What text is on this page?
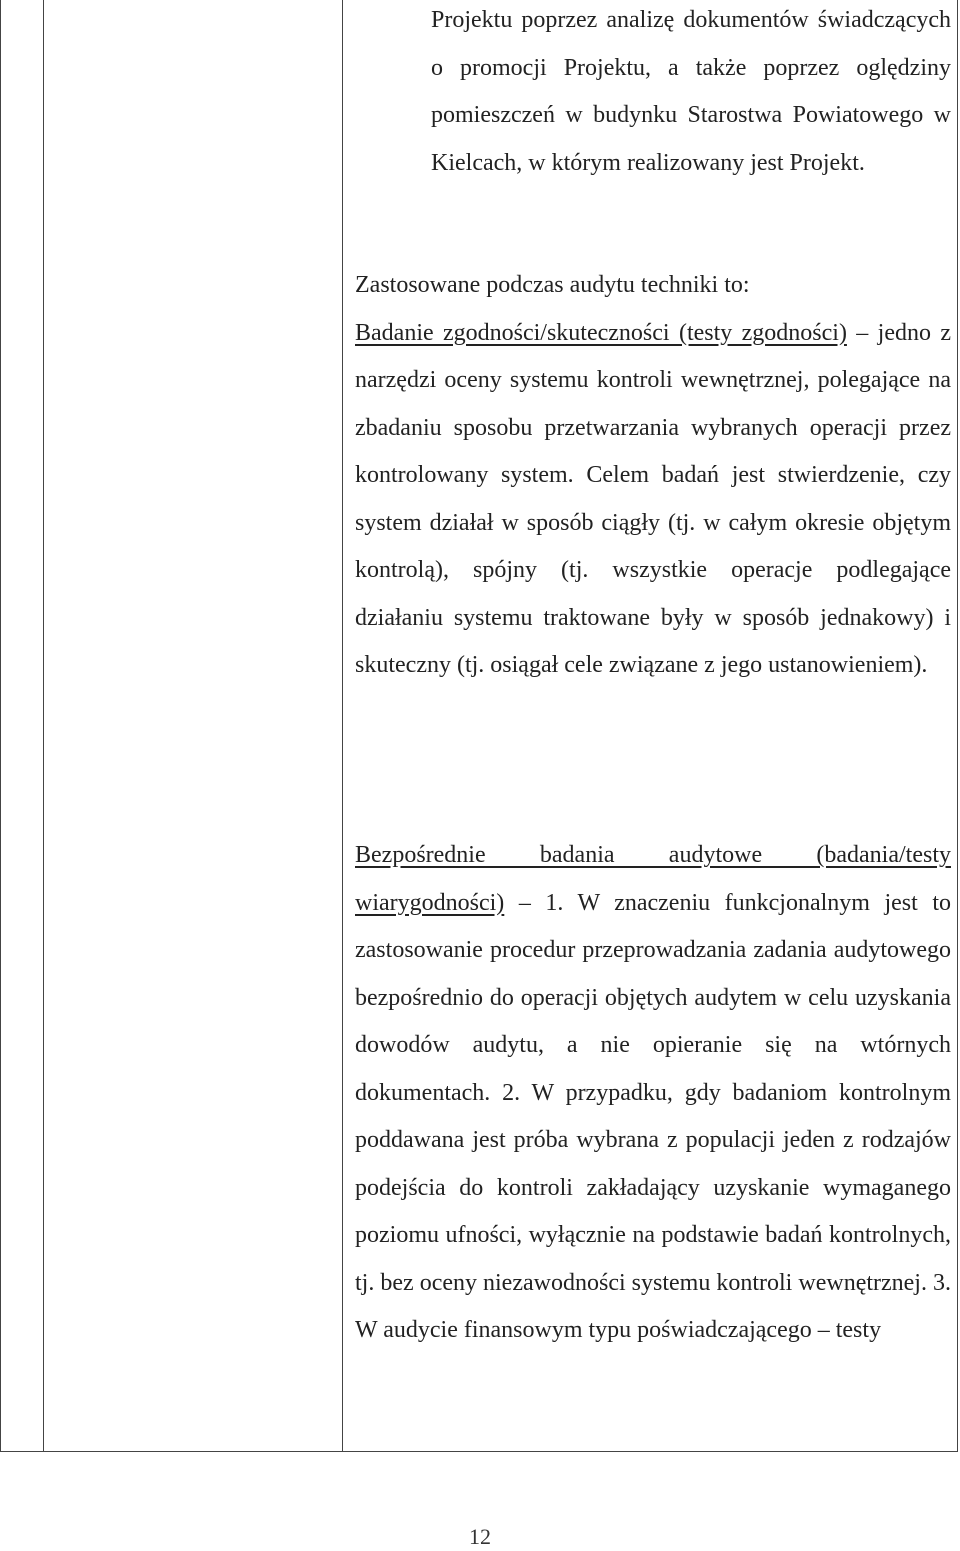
Projektu poprzez analizę dokumentów świadczących o promocji Projektu, a także poprzez oględziny pomieszczeń w budynku Starostwa Powiatowego w Kielcach, w którym realizowany jest Projekt.

Zastosowane podczas audytu techniki to:

Badanie zgodności/skuteczności (testy zgodności) – jedno z narzędzi oceny systemu kontroli wewnętrznej, polegające na zbadaniu sposobu przetwarzania wybranych operacji przez kontrolowany system. Celem badań jest stwierdzenie, czy system działał w sposób ciągły (tj. w całym okresie objętym kontrolą), spójny (tj. wszystkie operacje podlegające działaniu systemu traktowane były w sposób jednakowy) i skuteczny (tj. osiągał cele związane z jego ustanowieniem).

Bezpośrednie badania audytowe (badania/testy wiarygodności) – 1. W znaczeniu funkcjonalnym jest to zastosowanie procedur przeprowadzania zadania audytowego bezpośrednio do operacji objętych audytem w celu uzyskania dowodów audytu, a nie opieranie się na wtórnych dokumentach. 2. W przypadku, gdy badaniom kontrolnym poddawana jest próba wybrana z populacji jeden z rodzajów podejścia do kontroli zakładający uzyskanie wymaganego poziomu ufności, wyłącznie na podstawie badań kontrolnych, tj. bez oceny niezawodności systemu kontroli wewnętrznej. 3. W audycie finansowym typu poświadczającego – testy

12
